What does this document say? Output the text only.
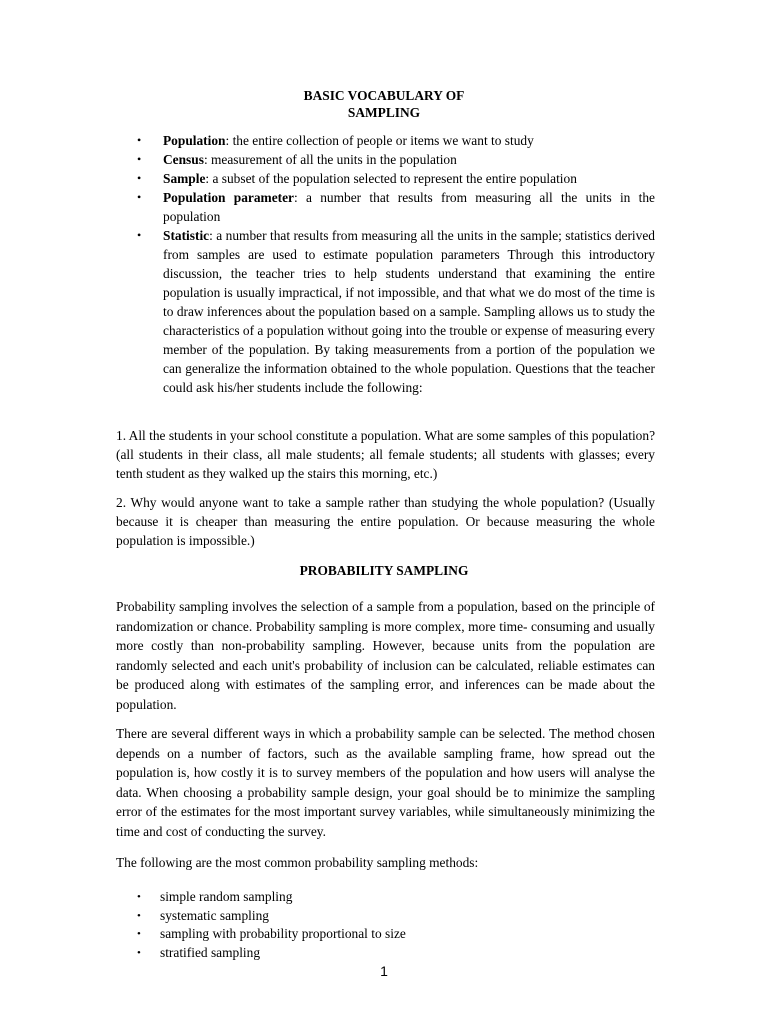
BASIC VOCABULARY OF
SAMPLING
• Population: the entire collection of people or items we want to study
• Census: measurement of all the units in the population
• Sample: a subset of the population selected to represent the entire population
• Population parameter: a number that results from measuring all the units in the population
• Statistic: a number that results from measuring all the units in the sample; statistics derived from samples are used to estimate population parameters Through this introductory discussion, the teacher tries to help students understand that examining the entire population is usually impractical, if not impossible, and that what we do most of the time is to draw inferences about the population based on a sample. Sampling allows us to study the characteristics of a population without going into the trouble or expense of measuring every member of the population. By taking measurements from a portion of the population we can generalize the information obtained to the whole population. Questions that the teacher could ask his/her students include the following:

1. All the students in your school constitute a population. What are some samples of this population? (all students in their class, all male students; all female students; all students with glasses; every tenth student as they walked up the stairs this morning, etc.)

2. Why would anyone want to take a sample rather than studying the whole population? (Usually because it is cheaper than measuring the entire population. Or because measuring the whole population is impossible.)

PROBABILITY SAMPLING

Probability sampling involves the selection of a sample from a population, based on the principle of randomization or chance. Probability sampling is more complex, more time- consuming and usually more costly than non-probability sampling. However, because units from the population are randomly selected and each unit's probability of inclusion can be calculated, reliable estimates can be produced along with estimates of the sampling error, and inferences can be made about the population.

There are several different ways in which a probability sample can be selected. The method chosen depends on a number of factors, such as the available sampling frame, how spread out the population is, how costly it is to survey members of the population and how users will analyse the data. When choosing a probability sample design, your goal should be to minimize the sampling error of the estimates for the most important survey variables, while simultaneously minimizing the time and cost of conducting the survey.

The following are the most common probability sampling methods:

• simple random sampling
• systematic sampling
• sampling with probability proportional to size
• stratified sampling
1
